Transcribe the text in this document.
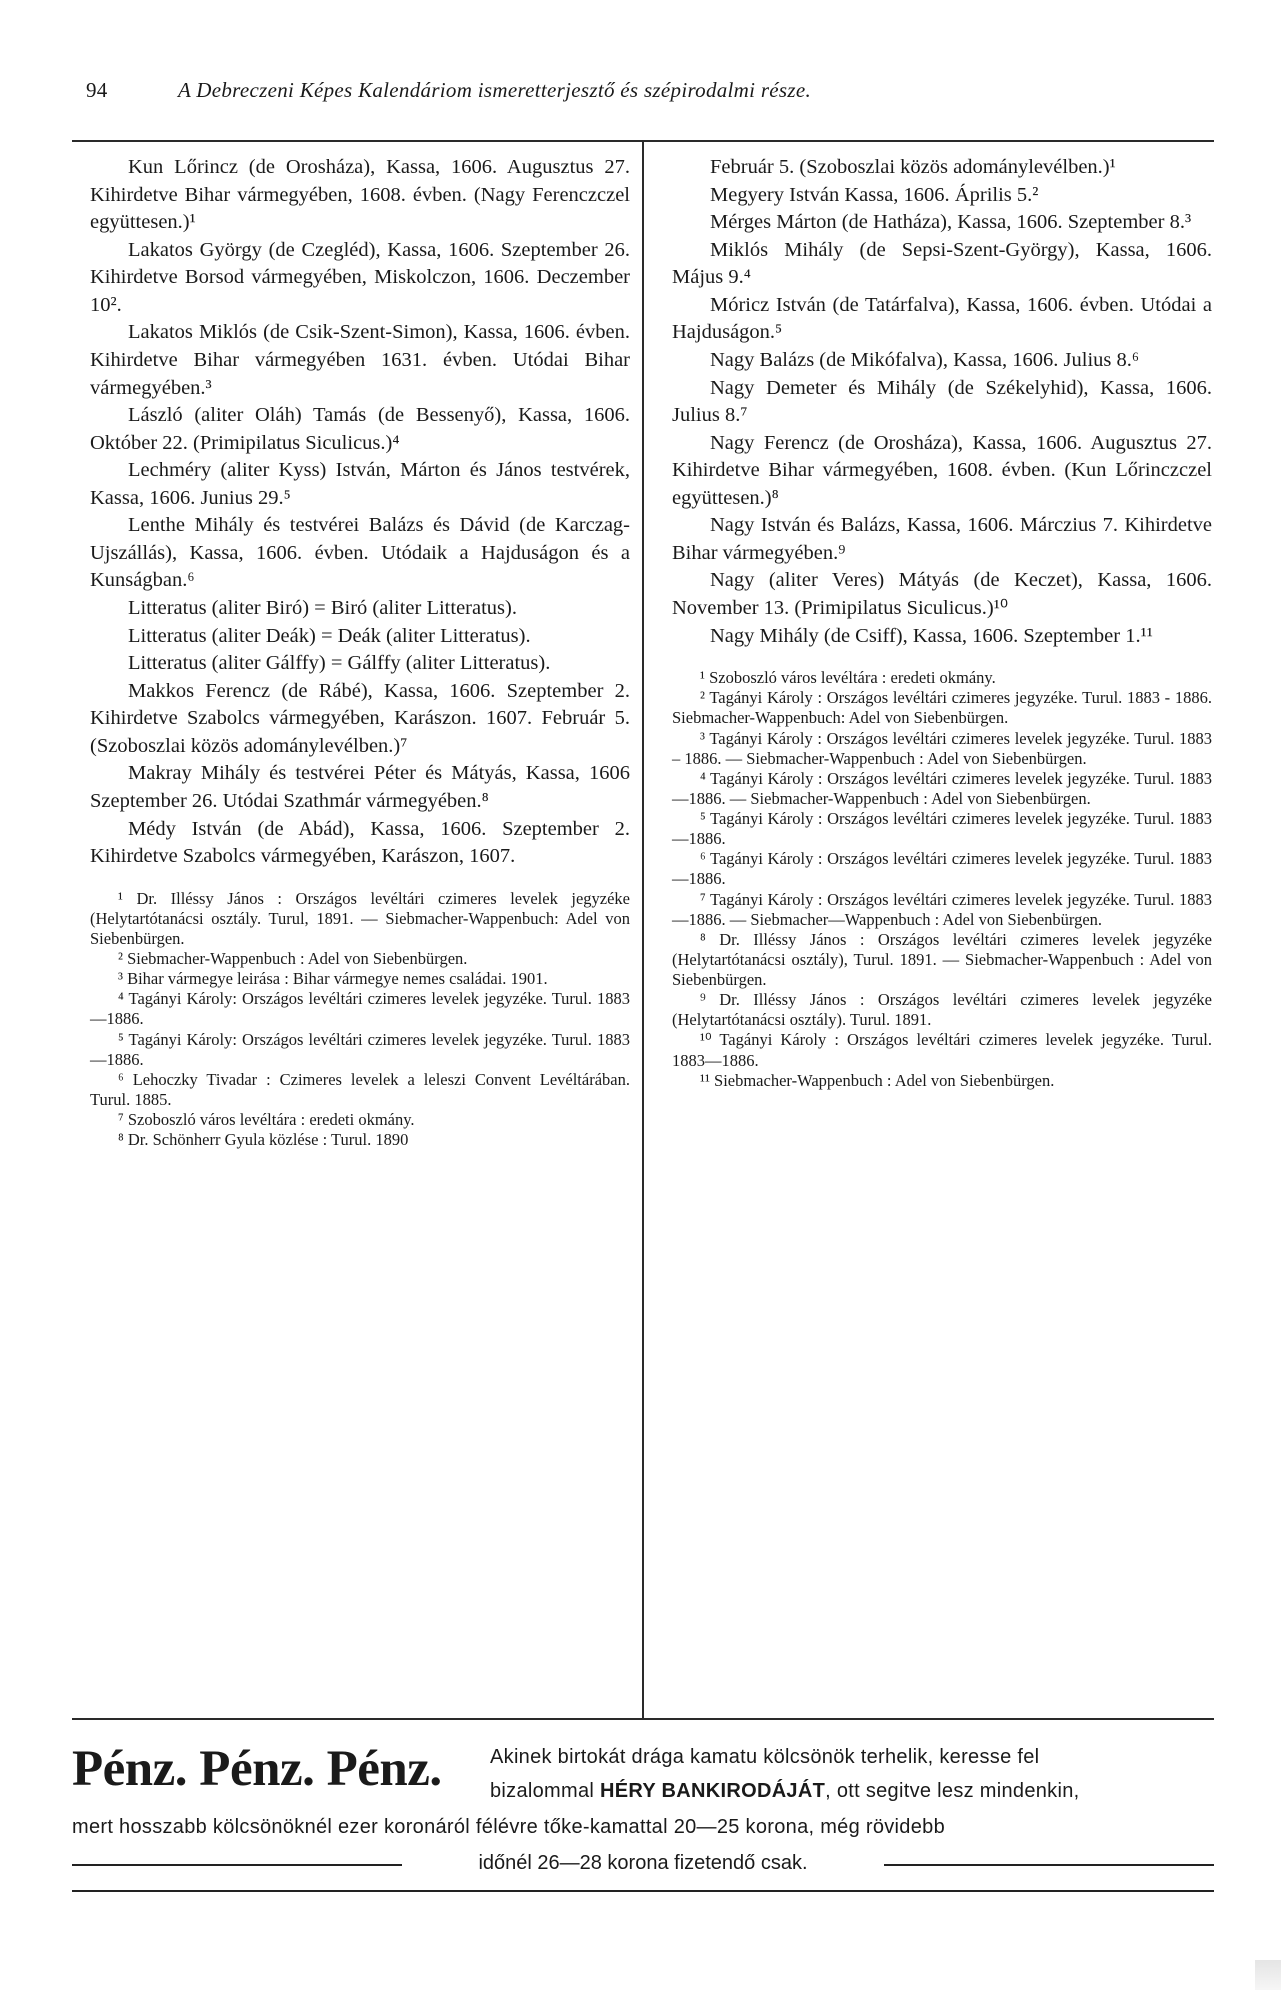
94	A Debreczeni Képes Kalendáriom ismeretterjesztő és szépirodalmi része.

Kun Lőrincz (de Orosháza), Kassa, 1606. Augusztus 27. Kihirdetve Bihar vármegyében, 1608. évben. (Nagy Ferenczczel együttesen.)¹

Lakatos György (de Czegléd), Kassa, 1606. Szeptember 26. Kihirdetve Borsod vármegyében, Miskolczon, 1606. Deczember 10².

Lakatos Miklós (de Csik-Szent-Simon), Kassa, 1606. évben. Kihirdetve Bihar vármegyében 1631. évben. Utódai Bihar vármegyében.³

László (aliter Oláh) Tamás (de Bessenyő), Kassa, 1606. Október 22. (Primipilatus Siculicus.)⁴

Lechméry (aliter Kyss) István, Márton és János testvérek, Kassa, 1606. Junius 29.⁵

Lenthe Mihály és testvérei Balázs és Dávid (de Karczag-Ujszállás), Kassa, 1606. évben. Utódaik a Hajduságon és a Kunságban.⁶

Litteratus (aliter Biró) = Biró (aliter Litteratus).

Litteratus (aliter Deák) = Deák (aliter Litteratus).

Litteratus (aliter Gálffy) = Gálffy (aliter Litteratus).

Makkos Ferencz (de Rábé), Kassa, 1606. Szeptember 2. Kihirdetve Szabolcs vármegyében, Karászon. 1607. Február 5. (Szoboszlai közös adománylevélben.)⁷

Makray Mihály és testvérei Péter és Mátyás, Kassa, 1606 Szeptember 26. Utódai Szathmár vármegyében.⁸

Médy István (de Abád), Kassa, 1606. Szeptember 2. Kihirdetve Szabolcs vármegyében, Karászon, 1607.

¹ Dr. Illéssy János : Országos levéltári czimeres levelek jegyzéke (Helytartótanácsi osztály. Turul, 1891. — Siebmacher-Wappenbuch: Adel von Siebenbürgen.

² Siebmacher-Wappenbuch : Adel von Siebenbürgen.

³ Bihar vármegye leirása : Bihar vármegye nemes családai. 1901.

⁴ Tagányi Károly: Országos levéltári czimeres levelek jegyzéke. Turul. 1883—1886.

⁵ Tagányi Károly: Országos levéltári czimeres levelek jegyzéke. Turul. 1883—1886.

⁶ Lehoczky Tivadar : Czimeres levelek a leleszi Convent Levéltárában. Turul. 1885.

⁷ Szoboszló város levéltára : eredeti okmány.

⁸ Dr. Schönherr Gyula közlése : Turul. 1890

Február 5. (Szoboszlai közös adománylevélben.)¹

Megyery István Kassa, 1606. Április 5.²

Mérges Márton (de Hatháza), Kassa, 1606. Szeptember 8.³

Miklós Mihály (de Sepsi-Szent-György), Kassa, 1606. Május 9.⁴

Móricz István (de Tatárfalva), Kassa, 1606. évben. Utódai a Hajduságon.⁵

Nagy Balázs (de Mikófalva), Kassa, 1606. Julius 8.⁶

Nagy Demeter és Mihály (de Székelyhid), Kassa, 1606. Julius 8.⁷

Nagy Ferencz (de Orosháza), Kassa, 1606. Augusztus 27. Kihirdetve Bihar vármegyében, 1608. évben. (Kun Lőrinczczel együttesen.)⁸

Nagy István és Balázs, Kassa, 1606. Márczius 7. Kihirdetve Bihar vármegyében.⁹

Nagy (aliter Veres) Mátyás (de Keczet), Kassa, 1606. November 13. (Primipilatus Siculicus.)¹⁰

Nagy Mihály (de Csiff), Kassa, 1606. Szeptember 1.¹¹

¹ Szoboszló város levéltára : eredeti okmány.

² Tagányi Károly : Országos levéltári czimeres jegyzéke. Turul. 1883 - 1886. Siebmacher-Wappenbuch: Adel von Siebenbürgen.

³ Tagányi Károly : Országos levéltári czimeres levelek jegyzéke. Turul. 1883 – 1886. — Siebmacher-Wappenbuch : Adel von Siebenbürgen.

⁴ Tagányi Károly : Országos levéltári czimeres levelek jegyzéke. Turul. 1883—1886. — Siebmacher-Wappenbuch : Adel von Siebenbürgen.

⁵ Tagányi Károly : Országos levéltári czimeres levelek jegyzéke. Turul. 1883—1886.

⁶ Tagányi Károly : Országos levéltári czimeres levelek jegyzéke. Turul. 1883—1886.

⁷ Tagányi Károly : Országos levéltári czimeres levelek jegyzéke. Turul. 1883—1886. — Siebmacher—Wappenbuch : Adel von Siebenbürgen.

⁸ Dr. Illéssy János : Országos levéltári czimeres levelek jegyzéke (Helytartótanácsi osztály), Turul. 1891. — Siebmacher-Wappenbuch : Adel von Siebenbürgen.

⁹ Dr. Illéssy János : Országos levéltári czimeres levelek jegyzéke (Helytartótanácsi osztály). Turul. 1891.

¹⁰ Tagányi Károly : Országos levéltári czimeres levelek jegyzéke. Turul. 1883—1886.

¹¹ Siebmacher-Wappenbuch : Adel von Siebenbürgen.

Pénz. Pénz. Pénz. Akinek birtokát drága kamatu kölcsönök terhelik, keresse fel
bizalommal HÉRY BANKIRODÁJÁT, ott segitve lesz mindenkin,
mert hosszabb kölcsönöknél ezer koronáról félévre tőke-kamattal 20—25 korona, még rövidebb
időnél 26—28 korona fizetendő csak.
